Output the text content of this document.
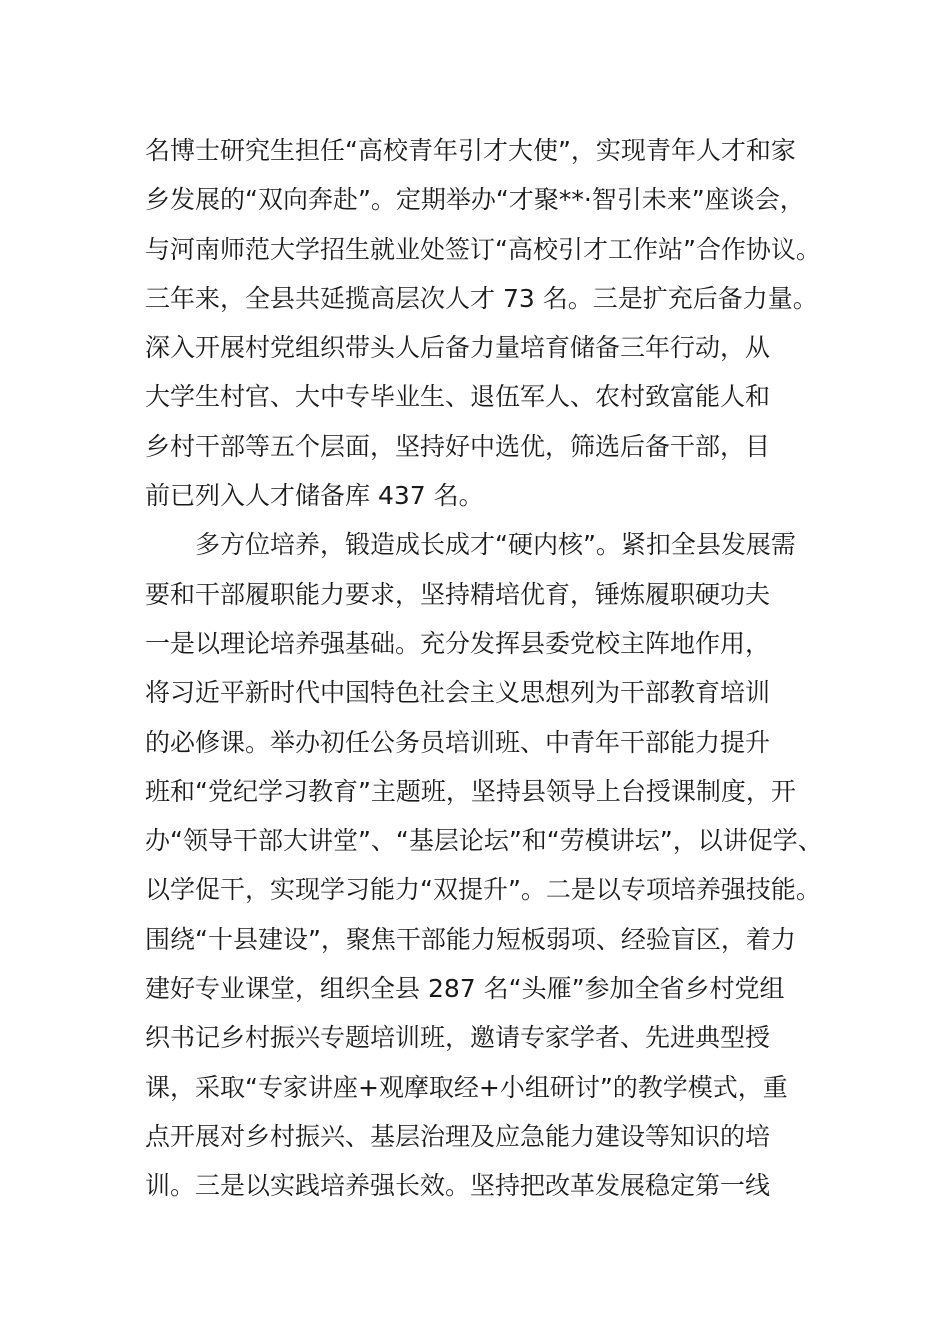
名博士研究生担任“高校青年引才大使”，实现青年人才和家
乡发展的“双向奔赴”。定期举办“才聚**·智引未来”座谈会，
与河南师范大学招生就业处签订“高校引才工作站”合作协议。
三年来，全县共延揽高层次人才 73 名。三是扩充后备力量。
深入开展村党组织带头人后备力量培育储备三年行动，从
大学生村官、大中专毕业生、退伍军人、农村致富能人和
乡村干部等五个层面，坚持好中选优，筛选后备干部，目
前已列入人才储备库 437 名。
多方位培养，锻造成长成才“硬内核”。紧扣全县发展需
要和干部履职能力要求，坚持精培优育，锤炼履职硬功夫
一是以理论培养强基础。充分发挥县委党校主阵地作用，
将习近平新时代中国特色社会主义思想列为干部教育培训
的必修课。举办初任公务员培训班、中青年干部能力提升
班和“党纪学习教育”主题班，坚持县领导上台授课制度，开
办“领导干部大讲堂”、“基层论坛”和“劳模讲坛”，以讲促学、
以学促干，实现学习能力“双提升”。二是以专项培养强技能。
围绕“十县建设”，聚焦干部能力短板弱项、经验盲区，着力
建好专业课堂，组织全县 287 名“头雁”参加全省乡村党组
织书记乡村振兴专题培训班，邀请专家学者、先进典型授
课，采取“专家讲座+观摩取经+小组研讨”的教学模式，重
点开展对乡村振兴、基层治理及应急能力建设等知识的培
训。三是以实践培养强长效。坚持把改革发展稳定第一线
